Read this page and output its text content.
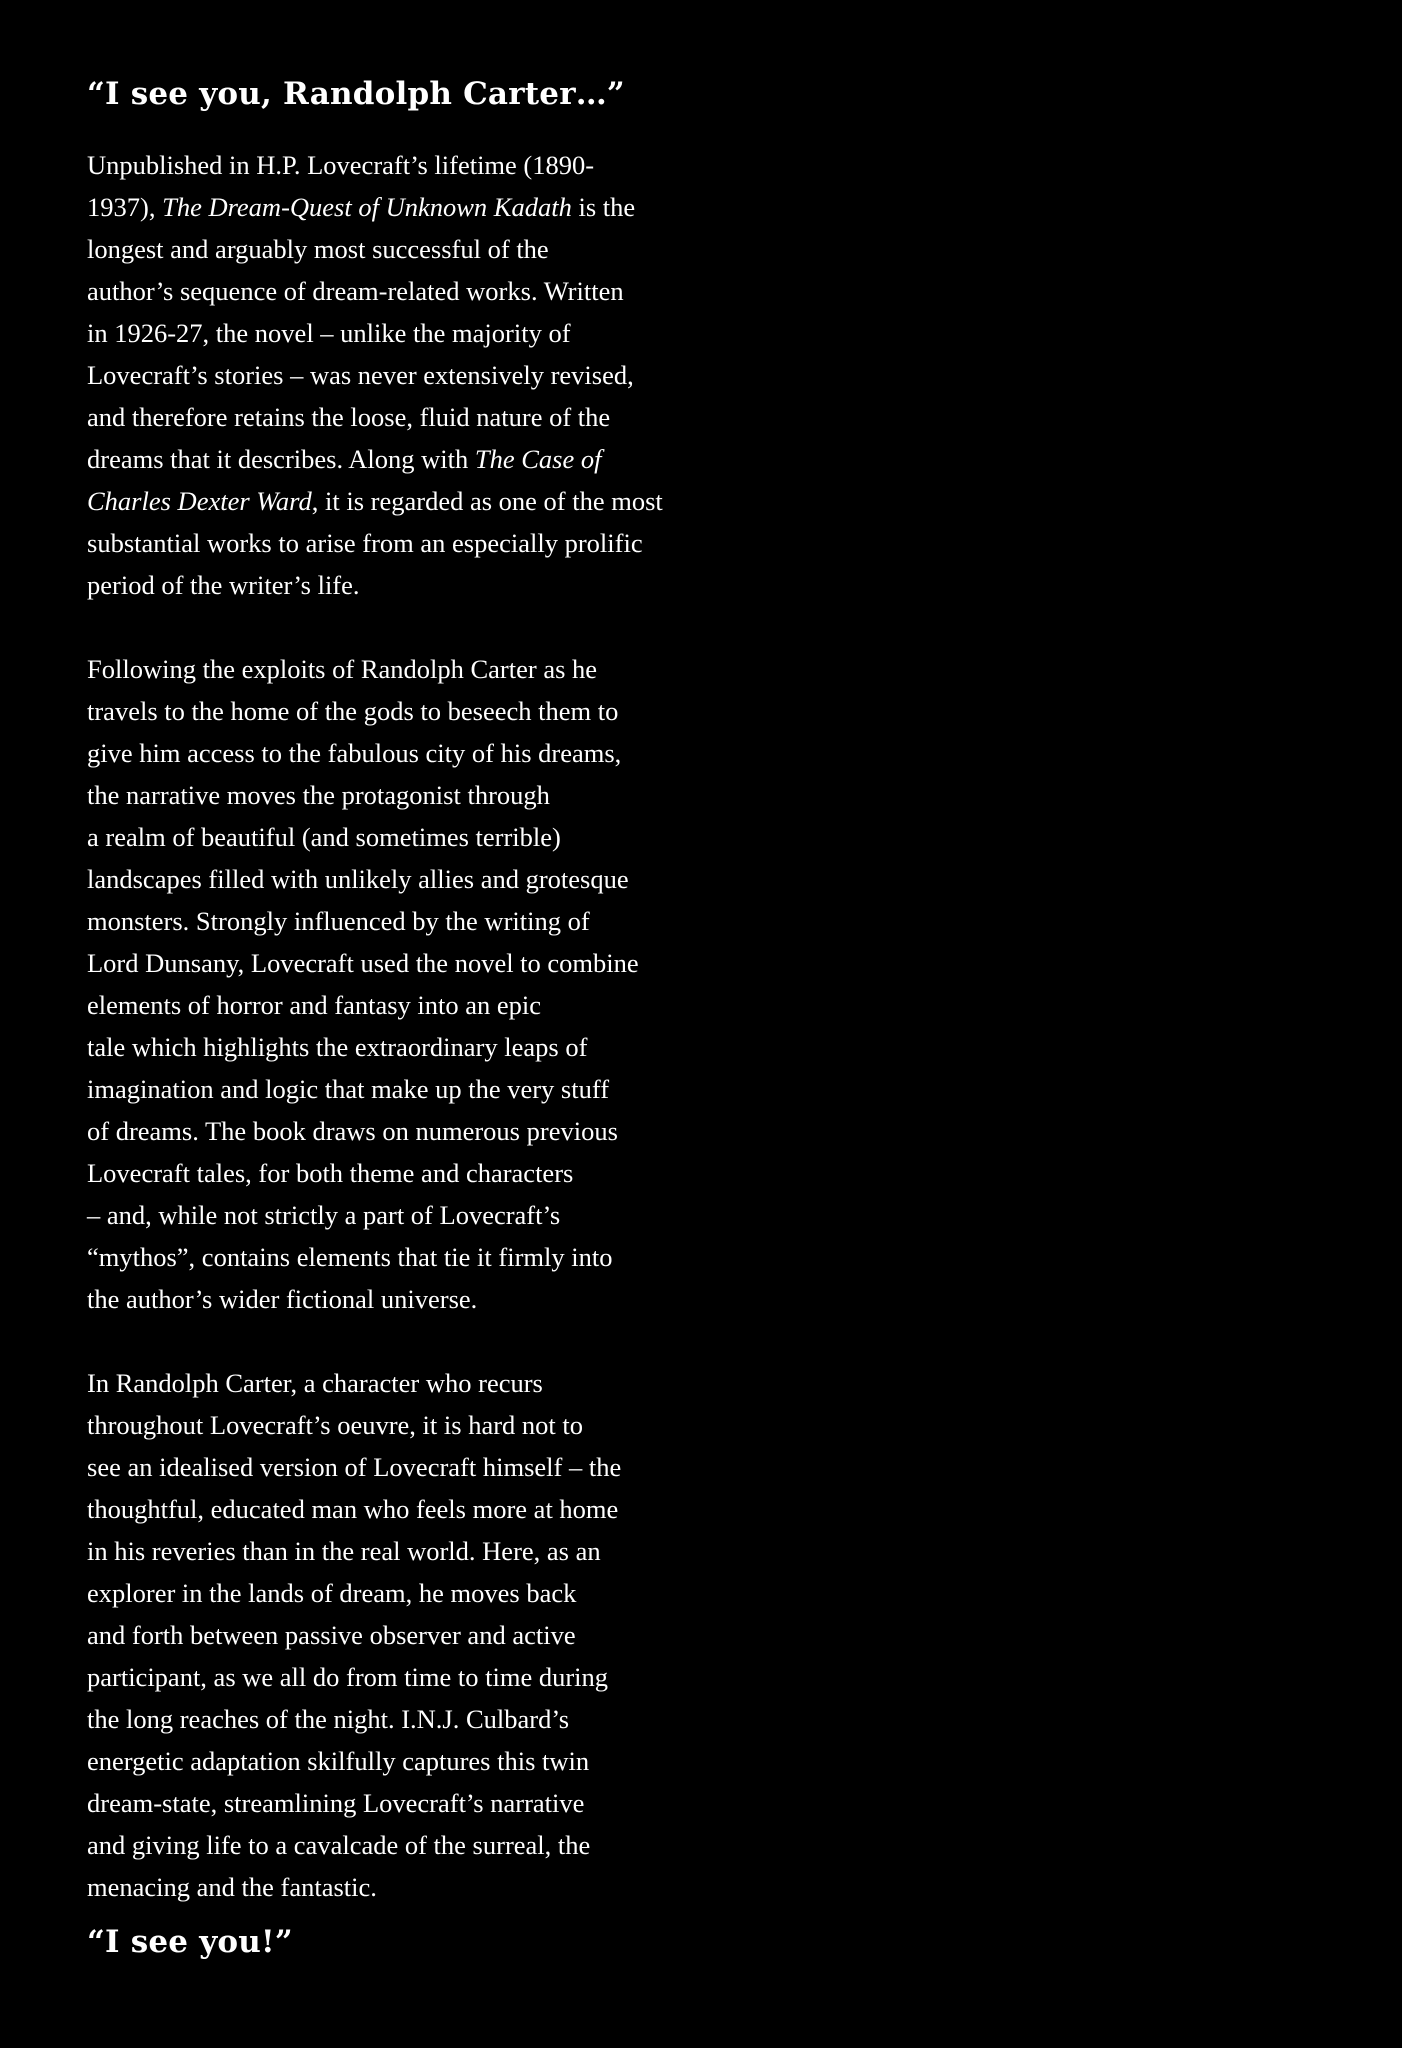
“I see you, Randolph Carter…”

Unpublished in H.P. Lovecraft’s lifetime (1890-
1937), The Dream-Quest of Unknown Kadath is the
longest and arguably most successful of the
author’s sequence of dream-related works. Written
in 1926-27, the novel – unlike the majority of
Lovecraft’s stories – was never extensively revised,
and therefore retains the loose, fluid nature of the
dreams that it describes. Along with The Case of
Charles Dexter Ward, it is regarded as one of the most
substantial works to arise from an especially prolific
period of the writer’s life.

Following the exploits of Randolph Carter as he
travels to the home of the gods to beseech them to
give him access to the fabulous city of his dreams,
the narrative moves the protagonist through
a realm of beautiful (and sometimes terrible)
landscapes filled with unlikely allies and grotesque
monsters. Strongly influenced by the writing of
Lord Dunsany, Lovecraft used the novel to combine
elements of horror and fantasy into an epic
tale which highlights the extraordinary leaps of
imagination and logic that make up the very stuff
of dreams. The book draws on numerous previous
Lovecraft tales, for both theme and characters
– and, while not strictly a part of Lovecraft’s
“mythos”, contains elements that tie it firmly into
the author’s wider fictional universe.

In Randolph Carter, a character who recurs
throughout Lovecraft’s oeuvre, it is hard not to
see an idealised version of Lovecraft himself – the
thoughtful, educated man who feels more at home
in his reveries than in the real world. Here, as an
explorer in the lands of dream, he moves back
and forth between passive observer and active
participant, as we all do from time to time during
the long reaches of the night. I.N.J. Culbard’s
energetic adaptation skilfully captures this twin
dream-state, streamlining Lovecraft’s narrative
and giving life to a cavalcade of the surreal, the
menacing and the fantastic.

“I see you!”
